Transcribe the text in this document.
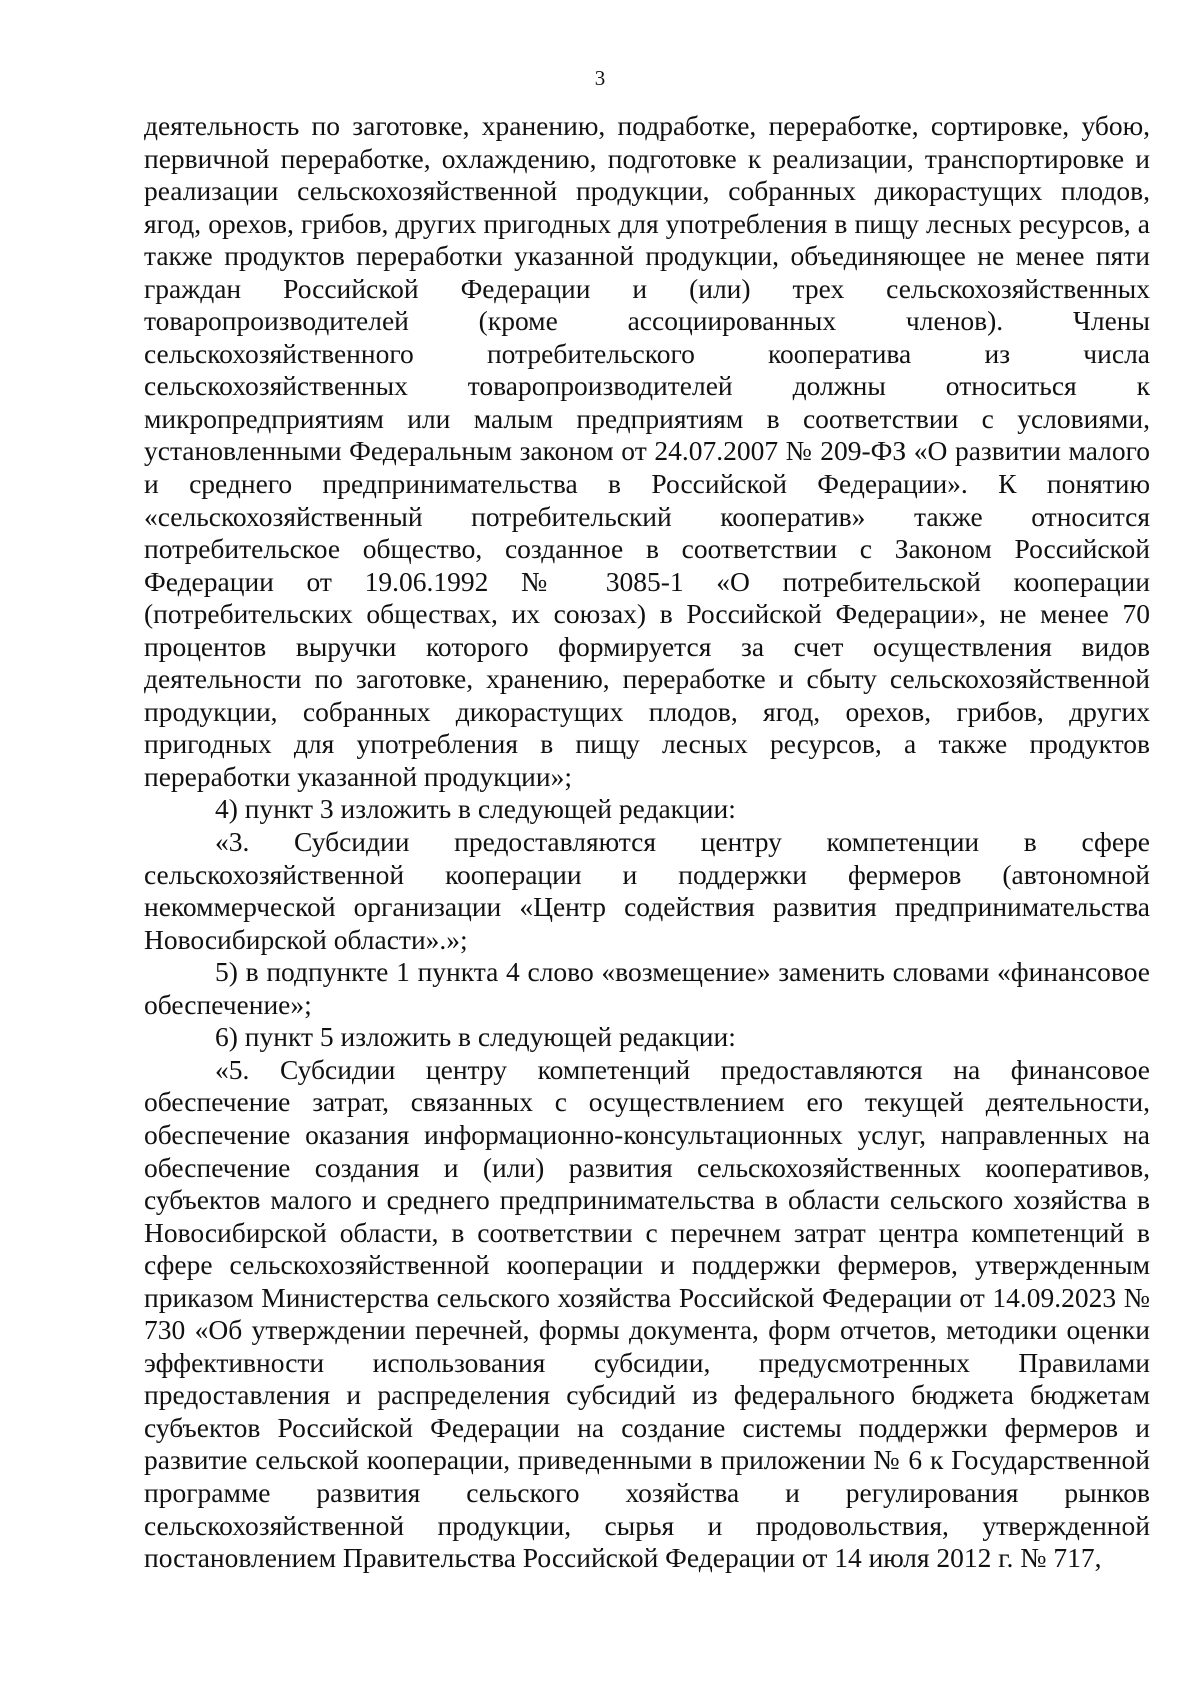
3

деятельность по заготовке, хранению, подработке, переработке, сортировке, убою, первичной переработке, охлаждению, подготовке к реализации, транспортировке и реализации сельскохозяйственной продукции, собранных дикорастущих плодов, ягод, орехов, грибов, других пригодных для употребления в пищу лесных ресурсов, а также продуктов переработки указанной продукции, объединяющее не менее пяти граждан Российской Федерации и (или) трех сельскохозяйственных товаропроизводителей (кроме ассоциированных членов). Члены сельскохозяйственного потребительского кооператива из числа сельскохозяйственных товаропроизводителей должны относиться к микропредприятиям или малым предприятиям в соответствии с условиями, установленными Федеральным законом от 24.07.2007 № 209-ФЗ «О развитии малого и среднего предпринимательства в Российской Федерации». К понятию «сельскохозяйственный потребительский кооператив» также относится потребительское общество, созданное в соответствии с Законом Российской Федерации от 19.06.1992 № 3085-1 «О потребительской кооперации (потребительских обществах, их союзах) в Российской Федерации», не менее 70 процентов выручки которого формируется за счет осуществления видов деятельности по заготовке, хранению, переработке и сбыту сельскохозяйственной продукции, собранных дикорастущих плодов, ягод, орехов, грибов, других пригодных для употребления в пищу лесных ресурсов, а также продуктов переработки указанной продукции»;

4) пункт 3 изложить в следующей редакции:

«3. Субсидии предоставляются центру компетенции в сфере сельскохозяйственной кооперации и поддержки фермеров (автономной некоммерческой организации «Центр содействия развития предпринимательства Новосибирской области».»;

5) в подпункте 1 пункта 4 слово «возмещение» заменить словами «финансовое обеспечение»;

6) пункт 5 изложить в следующей редакции:

«5. Субсидии центру компетенций предоставляются на финансовое обеспечение затрат, связанных с осуществлением его текущей деятельности, обеспечение оказания информационно-консультационных услуг, направленных на обеспечение создания и (или) развития сельскохозяйственных кооперативов, субъектов малого и среднего предпринимательства в области сельского хозяйства в Новосибирской области, в соответствии с перечнем затрат центра компетенций в сфере сельскохозяйственной кооперации и поддержки фермеров, утвержденным приказом Министерства сельского хозяйства Российской Федерации от 14.09.2023 № 730 «Об утверждении перечней, формы документа, форм отчетов, методики оценки эффективности использования субсидии, предусмотренных Правилами предоставления и распределения субсидий из федерального бюджета бюджетам субъектов Российской Федерации на создание системы поддержки фермеров и развитие сельской кооперации, приведенными в приложении № 6 к Государственной программе развития сельского хозяйства и регулирования рынков сельскохозяйственной продукции, сырья и продовольствия, утвержденной постановлением Правительства Российской Федерации от 14 июля 2012 г. № 717,
